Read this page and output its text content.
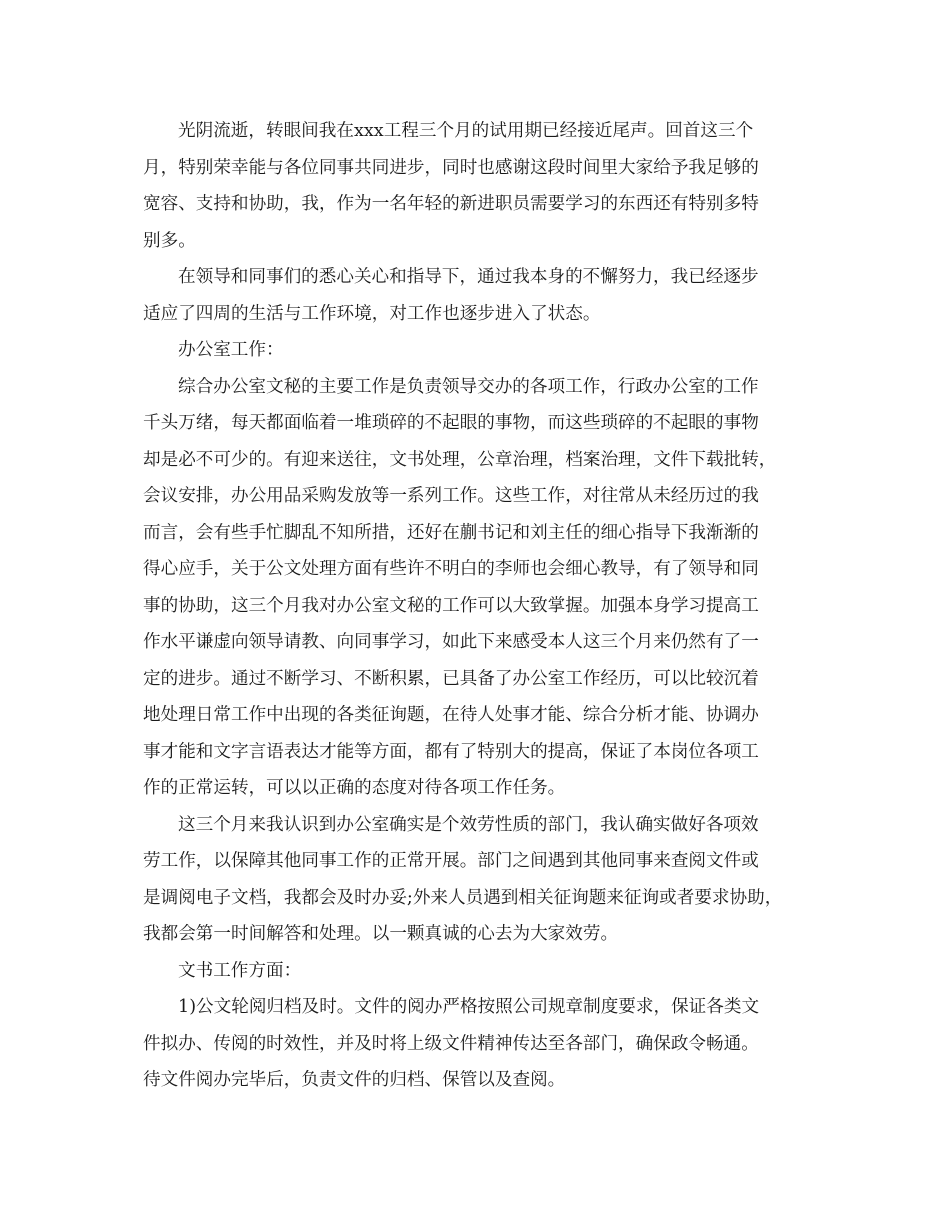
光阴流逝，转眼间我在xxx工程三个月的试用期已经接近尾声。回首这三个
月，特别荣幸能与各位同事共同进步，同时也感谢这段时间里大家给予我足够的
宽容、支持和协助，我，作为一名年轻的新进职员需要学习的东西还有特别多特
别多。
在领导和同事们的悉心关心和指导下，通过我本身的不懈努力，我已经逐步
适应了四周的生活与工作环境，对工作也逐步进入了状态。
办公室工作：
综合办公室文秘的主要工作是负责领导交办的各项工作，行政办公室的工作
千头万绪，每天都面临着一堆琐碎的不起眼的事物，而这些琐碎的不起眼的事物
却是必不可少的。有迎来送往，文书处理，公章治理，档案治理，文件下载批转，
会议安排，办公用品采购发放等一系列工作。这些工作，对往常从未经历过的我
而言，会有些手忙脚乱不知所措，还好在蒯书记和刘主任的细心指导下我渐渐的
得心应手，关于公文处理方面有些许不明白的李师也会细心教导，有了领导和同
事的协助，这三个月我对办公室文秘的工作可以大致掌握。加强本身学习提高工
作水平谦虚向领导请教、向同事学习，如此下来感受本人这三个月来仍然有了一
定的进步。通过不断学习、不断积累，已具备了办公室工作经历，可以比较沉着
地处理日常工作中出现的各类征询题，在待人处事才能、综合分析才能、协调办
事才能和文字言语表达才能等方面，都有了特别大的提高，保证了本岗位各项工
作的正常运转，可以以正确的态度对待各项工作任务。
这三个月来我认识到办公室确实是个效劳性质的部门，我认确实做好各项效
劳工作，以保障其他同事工作的正常开展。部门之间遇到其他同事来查阅文件或
是调阅电子文档，我都会及时办妥;外来人员遇到相关征询题来征询或者要求协助，
我都会第一时间解答和处理。以一颗真诚的心去为大家效劳。
文书工作方面：
1)公文轮阅归档及时。文件的阅办严格按照公司规章制度要求，保证各类文
件拟办、传阅的时效性，并及时将上级文件精神传达至各部门，确保政令畅通。
待文件阅办完毕后，负责文件的归档、保管以及查阅。
